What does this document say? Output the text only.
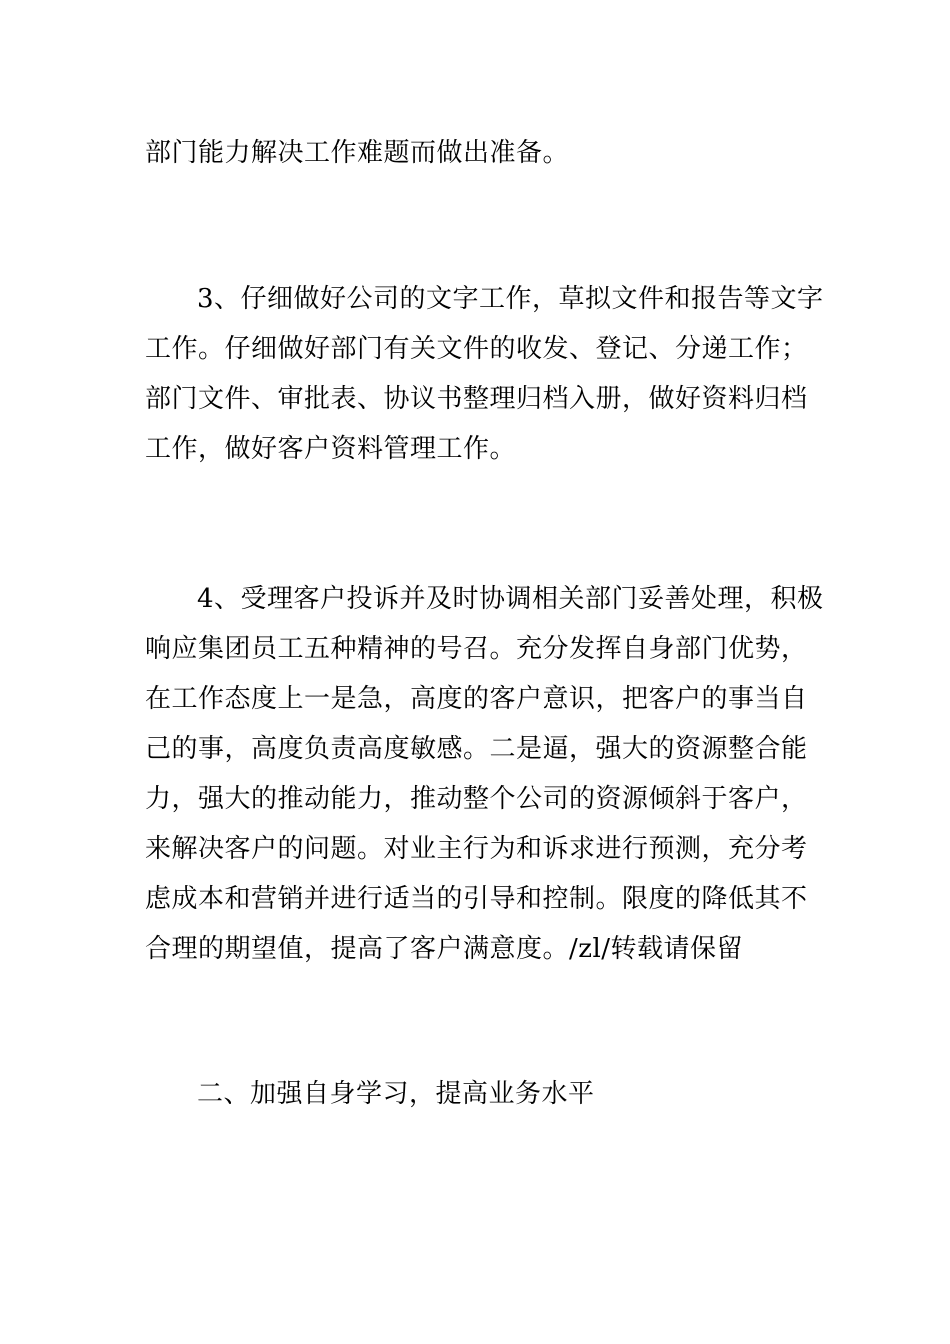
部门能力解决工作难题而做出准备。

3、仔细做好公司的文字工作，草拟文件和报告等文字
工作。仔细做好部门有关文件的收发、登记、分递工作；
部门文件、审批表、协议书整理归档入册，做好资料归档
工作，做好客户资料管理工作。

4、受理客户投诉并及时协调相关部门妥善处理，积极
响应集团员工五种精神的号召。充分发挥自身部门优势，
在工作态度上一是急，高度的客户意识，把客户的事当自
己的事，高度负责高度敏感。二是逼，强大的资源整合能
力，强大的推动能力，推动整个公司的资源倾斜于客户，
来解决客户的问题。对业主行为和诉求进行预测，充分考
虑成本和营销并进行适当的引导和控制。限度的降低其不
合理的期望值，提高了客户满意度。/zl/转载请保留

二、加强自身学习，提高业务水平
